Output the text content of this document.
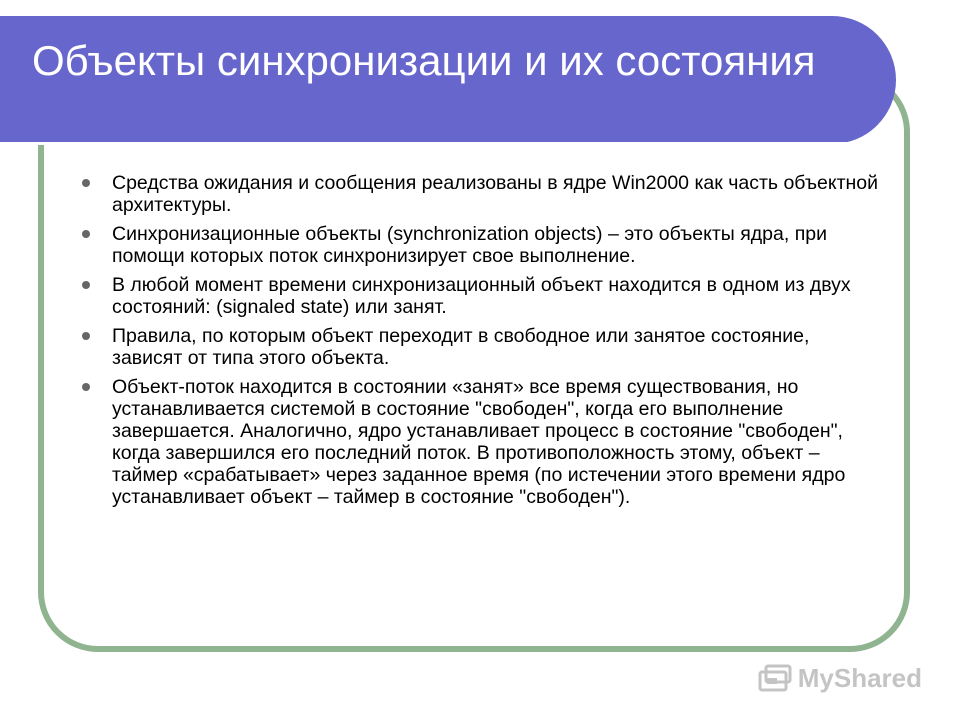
Объекты синхронизации и их состояния
Средства ожидания и сообщения реализованы в ядре Win2000 как часть объектной архитектуры.
Синхронизационные объекты (synchronization objects) – это объекты ядра, при помощи которых поток синхронизирует свое выполнение.
В любой момент времени синхронизационный объект находится в одном из двух состояний: (signaled state) или занят.
Правила, по которым объект переходит в свободное или занятое состояние, зависят от типа этого объекта.
Объект-поток находится в состоянии «занят» все время существования, но устанавливается системой в состояние "свободен", когда его выполнение завершается. Аналогично, ядро устанавливает процесс в состояние "свободен", когда завершился его последний поток. В противоположность этому, объект – таймер «срабатывает» через заданное время (по истечении этого времени ядро устанавливает объект – таймер в состояние "свободен").
MyShared
